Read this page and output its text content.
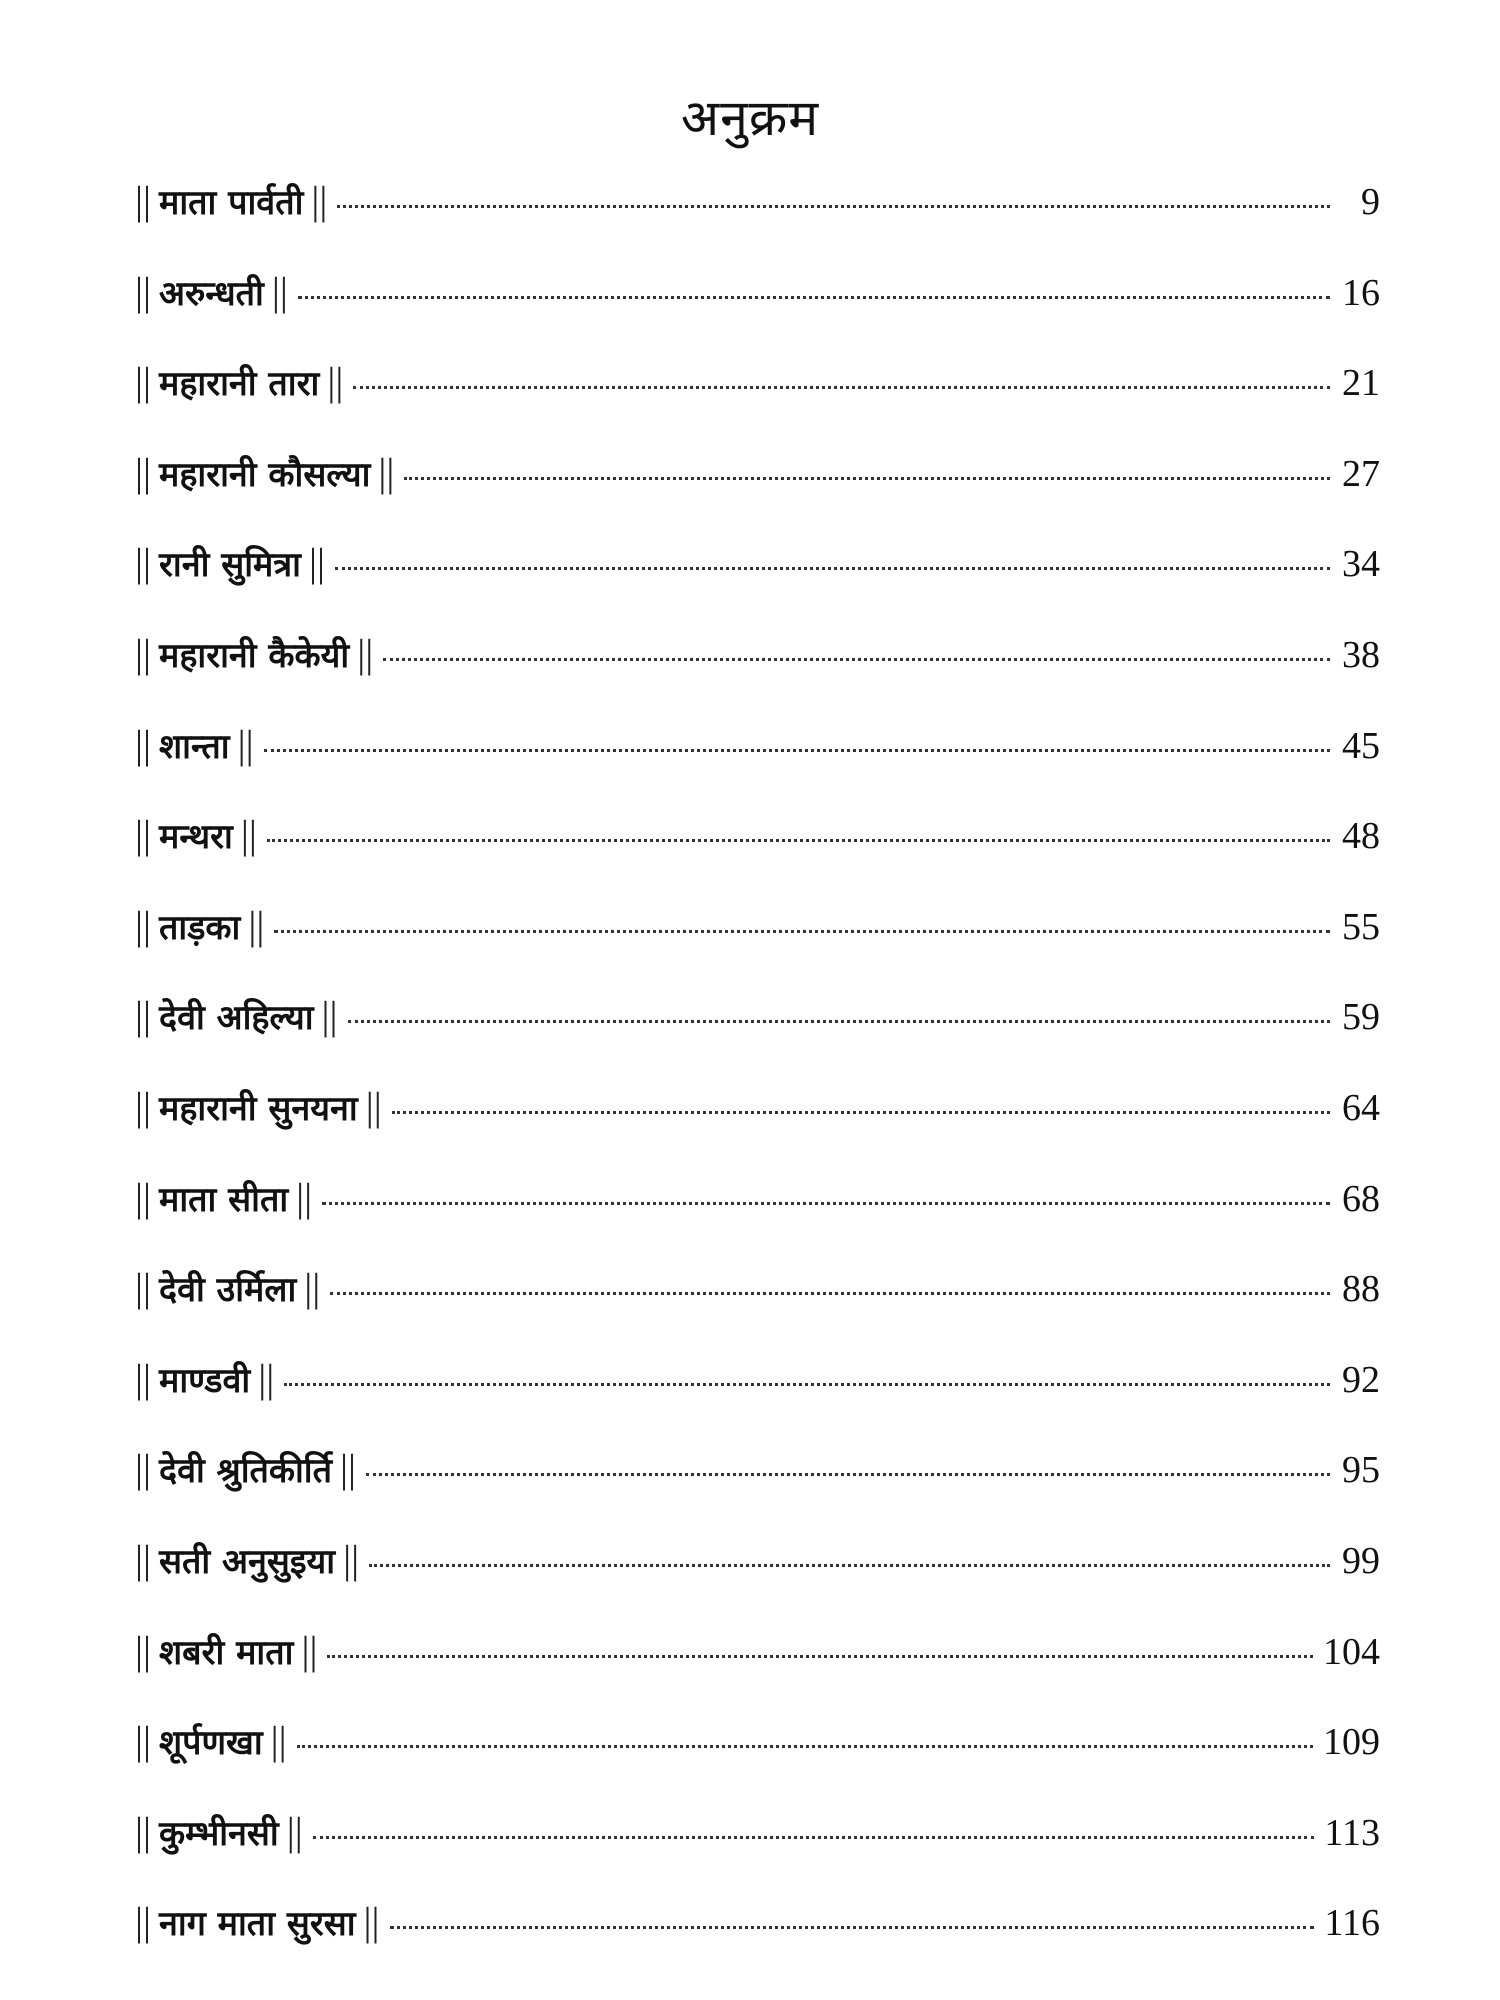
अनुक्रम
|| माता पार्वती ||	9
|| अरुन्धती ||	16
|| महारानी तारा ||	21
|| महारानी कौसल्या ||	27
|| रानी सुमित्रा ||	34
|| महारानी कैकेयी ||	38
|| शान्ता ||	45
|| मन्थरा ||	48
|| ताड़का ||	55
|| देवी अहिल्या ||	59
|| महारानी सुनयना ||	64
|| माता सीता ||	68
|| देवी उर्मिला ||	88
|| माण्डवी ||	92
|| देवी श्रुतिकीर्ति ||	95
|| सती अनुसुइया ||	99
|| शबरी माता ||	104
|| शूर्पणखा ||	109
|| कुम्भीनसी ||	113
|| नाग माता सुरसा ||	116
